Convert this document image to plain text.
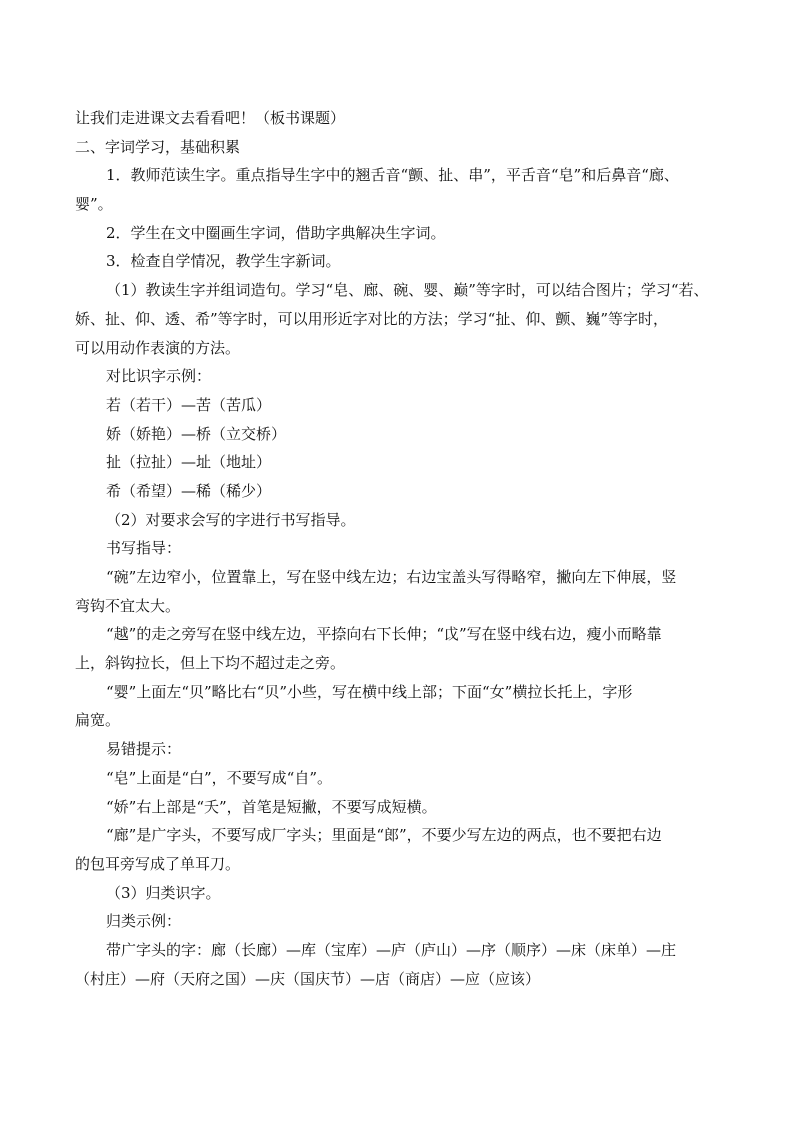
让我们走进课文去看看吧！（板书课题）
二、字词学习，基础积累
1．教师范读生字。重点指导生字中的翘舌音“颤、扯、串”，平舌音“皂”和后鼻音“廊、
婴”。
2．学生在文中圈画生字词，借助字典解决生字词。
3．检查自学情况，教学生字新词。
（1）教读生字并组词造句。学习“皂、廊、碗、婴、巅”等字时，可以结合图片；学习“若、
娇、扯、仰、透、希”等字时，可以用形近字对比的方法；学习“扯、仰、颤、巍”等字时，
可以用动作表演的方法。
对比识字示例：
若（若干）—苦（苦瓜）
娇（娇艳）—桥（立交桥）
扯（拉扯）—址（地址）
希（希望）—稀（稀少）
（2）对要求会写的字进行书写指导。
书写指导：
“碗”左边窄小，位置靠上，写在竖中线左边；右边宝盖头写得略窄，撇向左下伸展，竖
弯钩不宜太大。
“越”的走之旁写在竖中线左边，平捺向右下长伸；“戉”写在竖中线右边，瘦小而略靠
上，斜钩拉长，但上下均不超过走之旁。
“婴”上面左“贝”略比右“贝”小些，写在横中线上部；下面“女”横拉长托上，字形
扁宽。
易错提示：
“皂”上面是“白”，不要写成“自”。
“娇”右上部是“夭”，首笔是短撇，不要写成短横。
“廊”是广字头，不要写成厂字头；里面是“郎”，不要少写左边的两点，也不要把右边
的包耳旁写成了单耳刀。
（3）归类识字。
归类示例：
带广字头的字：廊（长廊）—库（宝库）—庐（庐山）—序（顺序）—床（床单）—庄
（村庄）—府（天府之国）—庆（国庆节）—店（商店）—应（应该）
